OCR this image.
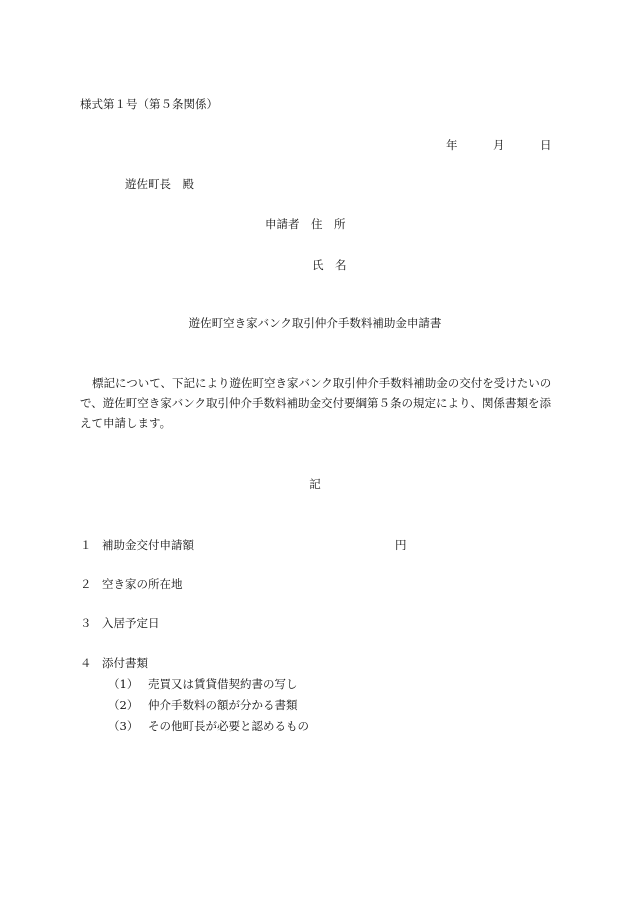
様式第１号（第５条関係）
年	月	日
遊佐町長　殿
申請者　住　所
氏　名
遊佐町空き家バンク取引仲介手数料補助金申請書
標記について、下記により遊佐町空き家バンク取引仲介手数料補助金の交付を受けたいので、遊佐町空き家バンク取引仲介手数料補助金交付要綱第５条の規定により、関係書類を添えて申請します。
記
１ 補助金交付申請額	円
２ 空き家の所在地
３ 入居予定日
４ 添付書類
（1） 売買又は賃貸借契約書の写し
（2） 仲介手数料の額が分かる書類
（3） その他町長が必要と認めるもの
